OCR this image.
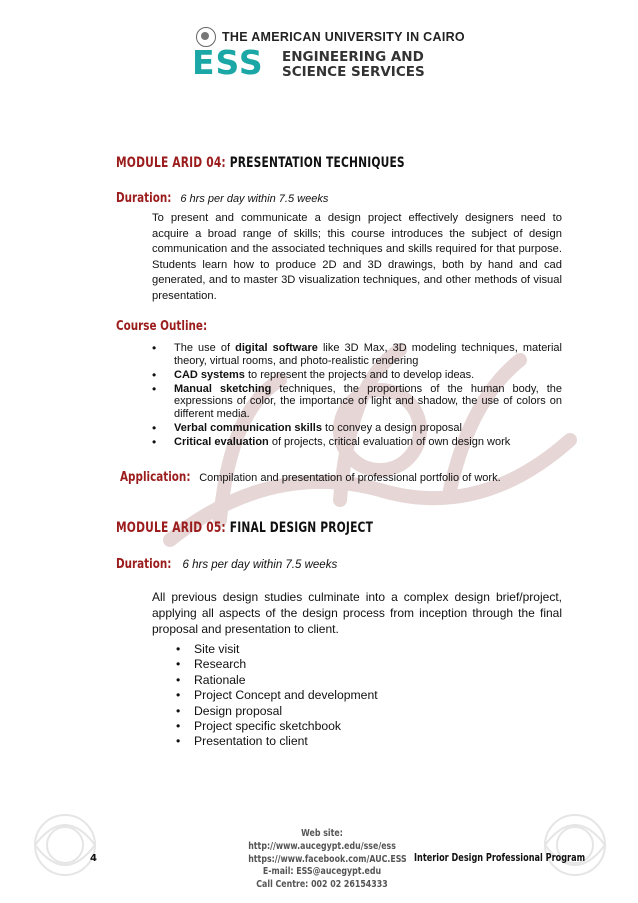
THE AMERICAN UNIVERSITY IN CAIRO
ESS ENGINEERING AND
SCIENCE SERVICES
MODULE ARID 04: PRESENTATION TECHNIQUES
Duration: 6 hrs per day within 7.5 weeks
To present and communicate a design project effectively designers need to acquire a broad range of skills; this course introduces the subject of design communication and the associated techniques and skills required for that purpose. Students learn how to produce 2D and 3D drawings, both by hand and cad generated, and to master 3D visualization techniques, and other methods of visual presentation.
Course Outline:
• The use of digital software like 3D Max, 3D modeling techniques, material theory, virtual rooms, and photo-realistic rendering
• CAD systems to represent the projects and to develop ideas.
• Manual sketching techniques, the proportions of the human body, the expressions of color, the importance of light and shadow, the use of colors on different media.
• Verbal communication skills to convey a design proposal
• Critical evaluation of projects, critical evaluation of own design work
Application: Compilation and presentation of professional portfolio of work.
MODULE ARID 05: FINAL DESIGN PROJECT
Duration: 6 hrs per day within 7.5 weeks
All previous design studies culminate into a complex design brief/project, applying all aspects of the design process from inception through the final proposal and presentation to client.
• Site visit
• Research
• Rationale
• Project Concept and development
• Design proposal
• Project specific sketchbook
• Presentation to client
4
Web site: http://www.aucegypt.edu/sse/ess
https://www.facebook.com/AUC.ESS
E-mail: ESS@aucegypt.edu
Call Centre: 002 02 26154333
Interior Design Professional Program
